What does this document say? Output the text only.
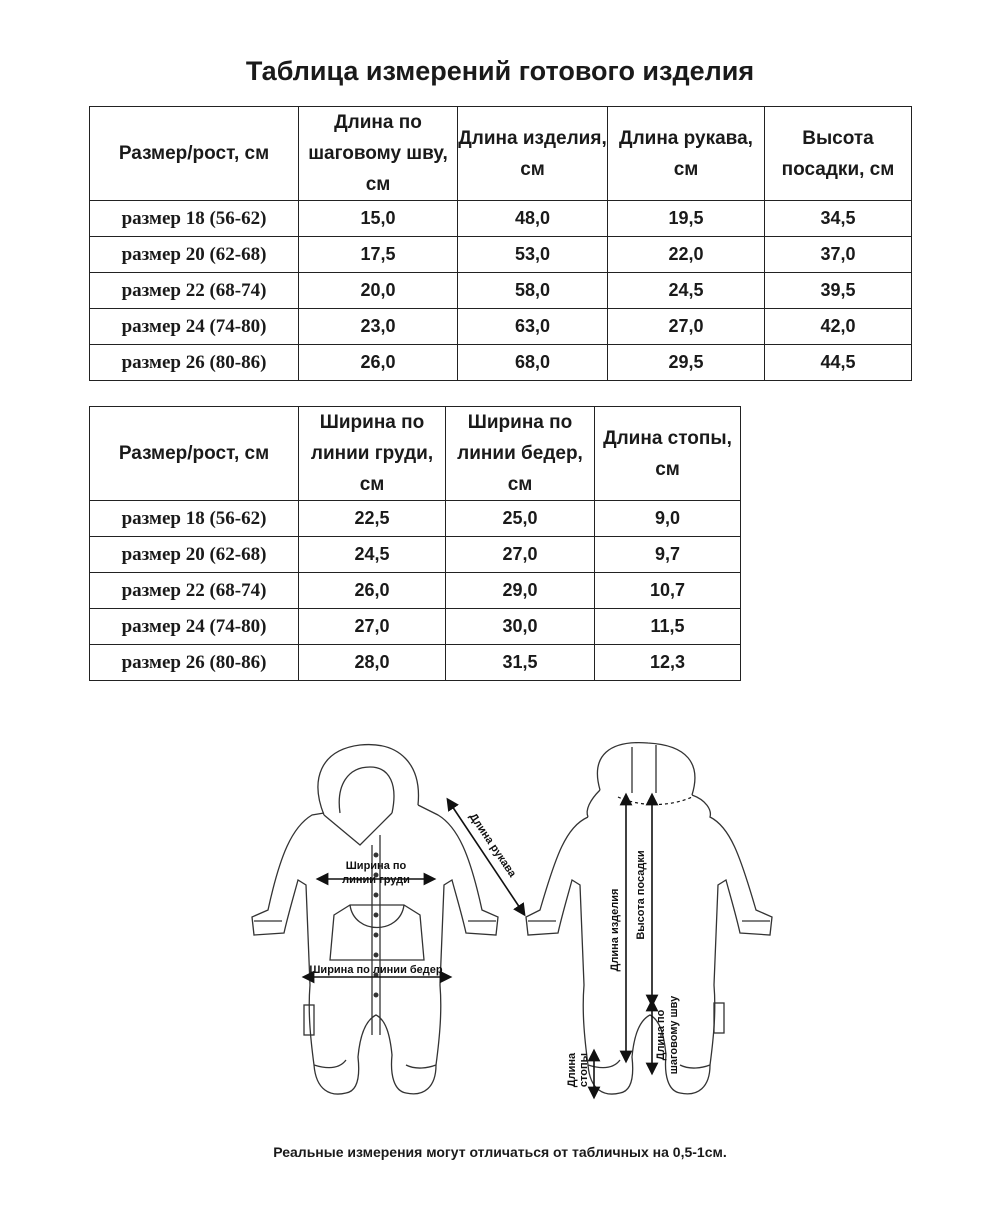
Таблица измерений готового изделия
Размер/рост, см	Длина по шаговому шву, см	Длина изделия, см	Длина рукава, см	Высота посадки, см
размер 18 (56-62)	15,0	48,0	19,5	34,5
размер 20 (62-68)	17,5	53,0	22,0	37,0
размер 22 (68-74)	20,0	58,0	24,5	39,5
размер 24 (74-80)	23,0	63,0	27,0	42,0
размер 26 (80-86)	26,0	68,0	29,5	44,5
Размер/рост, см	Ширина по линии груди, см	Ширина по линии бедер, см	Длина стопы, см
размер 18 (56-62)	22,5	25,0	9,0
размер 20 (62-68)	24,5	27,0	9,7
размер 22 (68-74)	26,0	29,0	10,7
размер 24 (74-80)	27,0	30,0	11,5
размер 26 (80-86)	28,0	31,5	12,3
Ширина по
линии груди
Ширина по линии бедер
Длина рукава
Длина изделия Высота посадки
Длина по шаговому шву
Длина стопы
Реальные измерения могут отличаться от табличных на 0,5-1см.
